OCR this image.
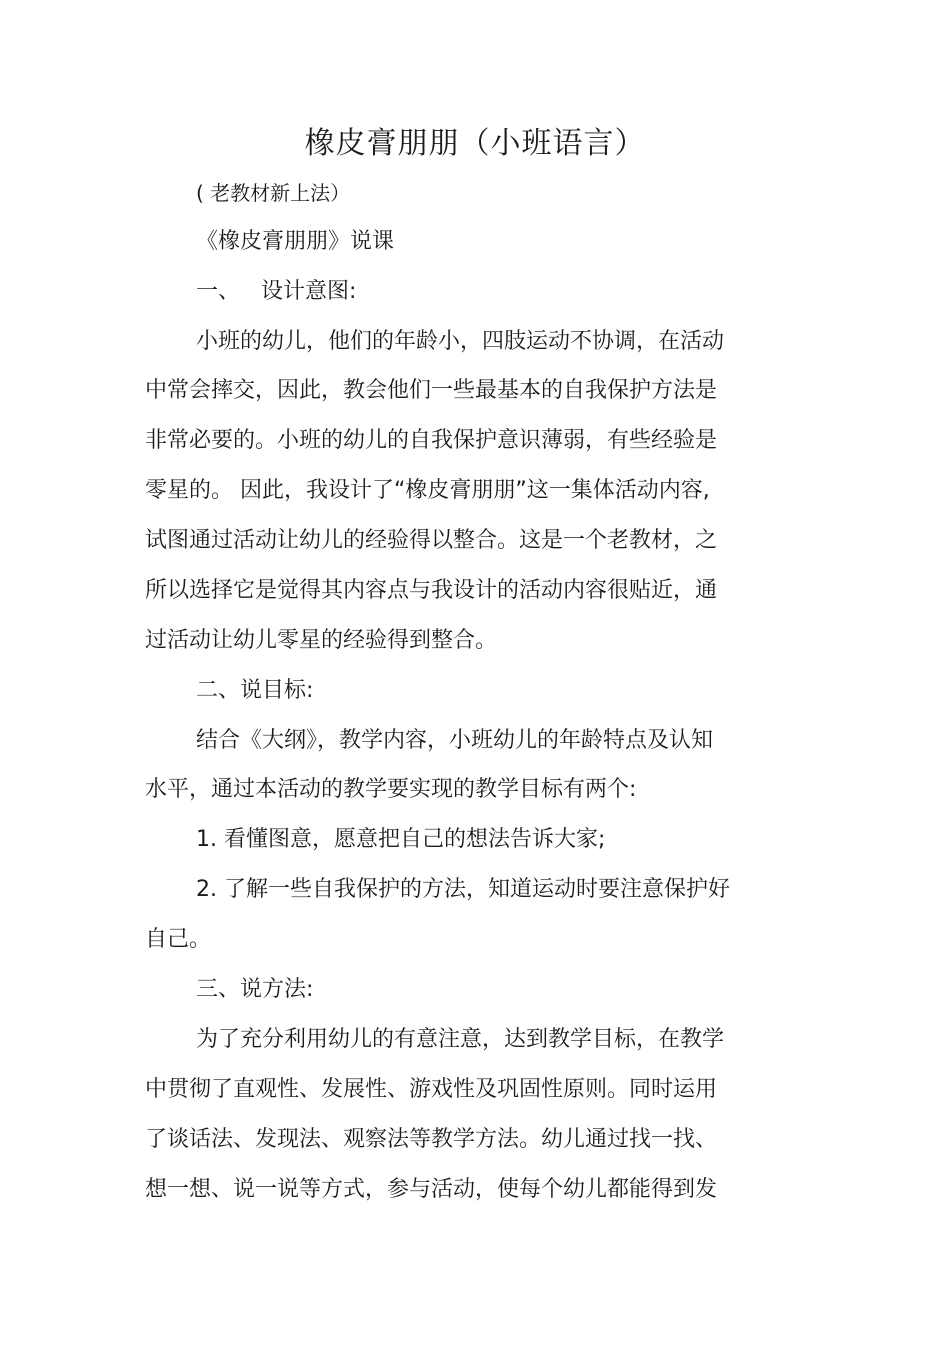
橡皮膏朋朋（小班语言）
( 老教材新上法）
《橡皮膏朋朋》说课
一、   设计意图:
小班的幼儿，他们的年龄小，四肢运动不协调，在活动
中常会摔交，因此，教会他们一些最基本的自我保护方法是
非常必要的。小班的幼儿的自我保护意识薄弱，有些经验是
零星的。 因此，我设计了“橡皮膏朋朋”这一集体活动内容,
试图通过活动让幼儿的经验得以整合。这是一个老教材，之
所以选择它是觉得其内容点与我设计的活动内容很贴近，通
过活动让幼儿零星的经验得到整合。
二、说目标:
结合《大纲》，教学内容，小班幼儿的年龄特点及认知
水平，通过本活动的教学要实现的教学目标有两个:
1. 看懂图意，愿意把自己的想法告诉大家;
2. 了解一些自我保护的方法，知道运动时要注意保护好
自己。
三、说方法:
为了充分利用幼儿的有意注意，达到教学目标，在教学
中贯彻了直观性、发展性、游戏性及巩固性原则。同时运用
了谈话法、发现法、观察法等教学方法。幼儿通过找一找、
想一想、说一说等方式，参与活动，使每个幼儿都能得到发
